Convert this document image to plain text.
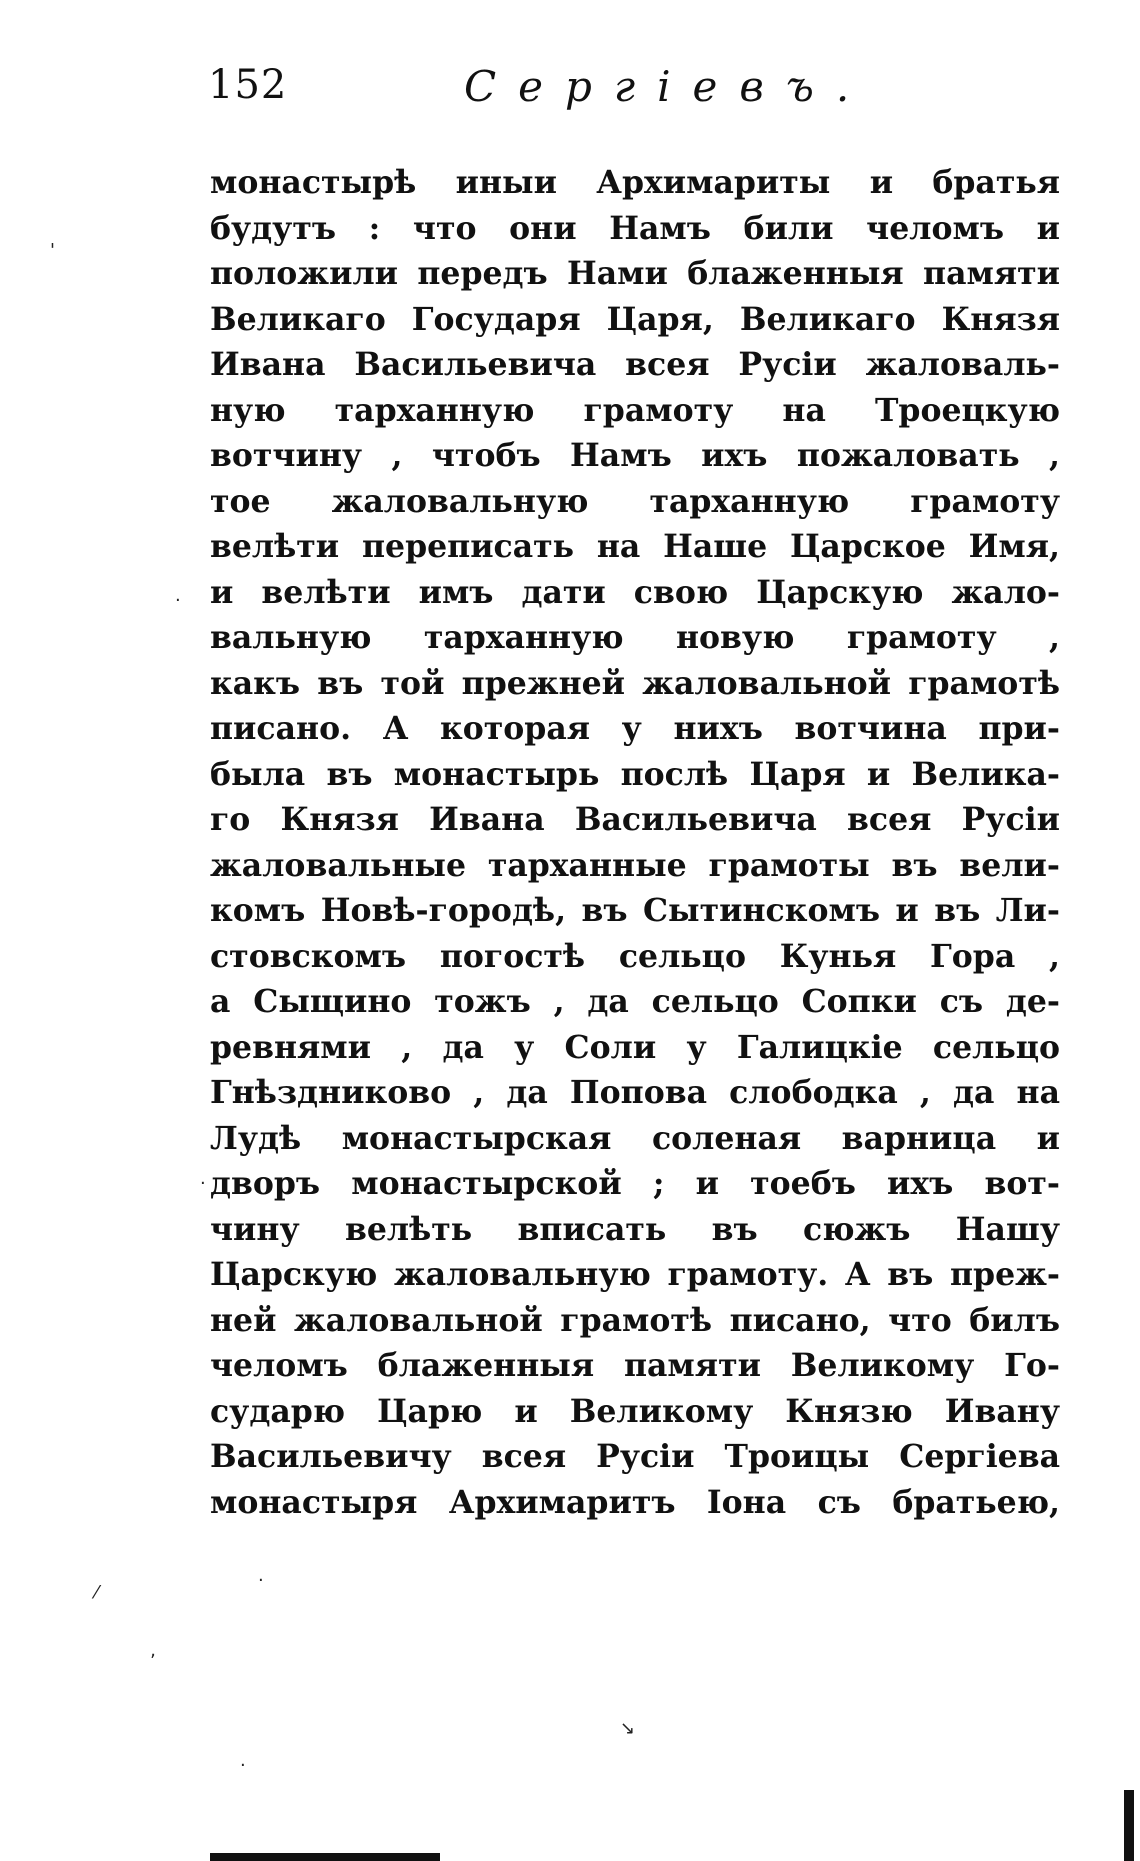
152	Сергіевъ.
монастырѣ иныи Архимариты и братья
будутъ : что они Намъ били челомъ и
положили передъ Нами блаженныя памяти
Великаго Государя Царя, Великаго Князя
Ивана Васильевича всея Русіи жаловаль-
ную тарханную грамоту на Троецкую
вотчину , чтобъ Намъ ихъ пожаловать ,
тое жаловальную тарханную грамоту
велѣти переписать на Наше Царское Имя,
и велѣти имъ дати свою Царскую жало-
вальную тарханную новую грамоту ,
какъ въ той прежней жаловальной грамотѣ
писано. А которая у нихъ вотчина при-
была въ монастырь послѣ Царя и Велика-
го Князя Ивана Васильевича всея Русіи
жаловальные тарханные грамоты въ вели-
комъ Новѣ-городѣ, въ Сытинскомъ и въ Ли-
стовскомъ погостѣ сельцо Кунья Гора ,
а Сыщино тожъ , да сельцо Сопки съ де-
ревнями , да у Соли у Галицкіе сельцо
Гнѣздниково , да Попова слободка , да на
Лудѣ монастырская соленая варница и
дворъ монастырской ; и тоебъ ихъ вот-
чину велѣть вписать въ сюжъ Нашу
Царскую жаловальную грамоту. А въ преж-
ней жаловальной грамотѣ писано, что билъ
челомъ блаженныя памяти Великому Го-
сударю Царю и Великому Князю Ивану
Васильевичу всея Русіи Троицы Сергіева
монастыря Архимаритъ Іона съ братьею,
'
.
.
⁄
.
‚
↘
.
